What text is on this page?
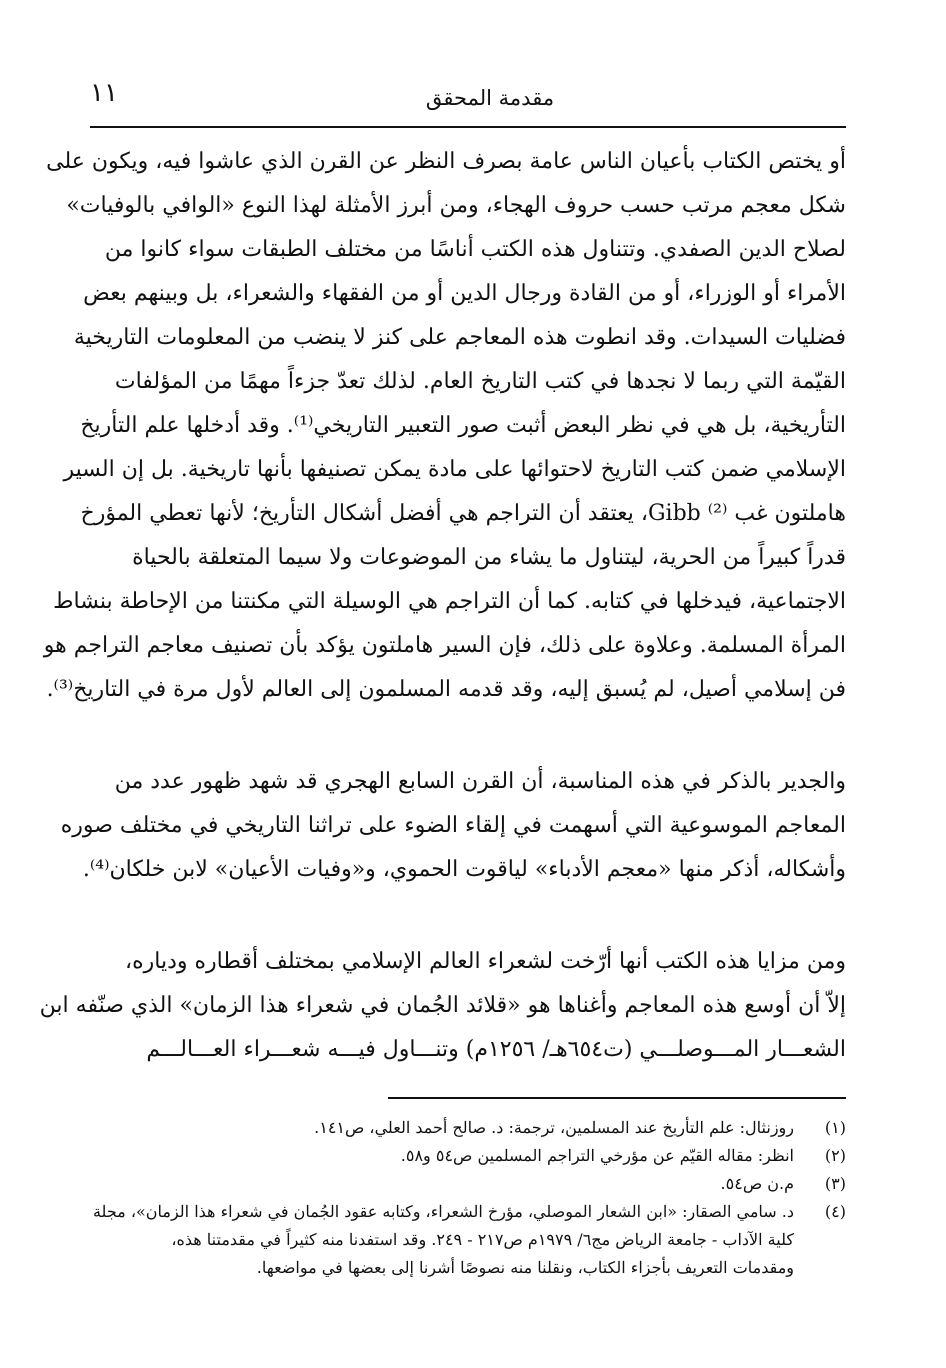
١١	مقدمة المحقق
أو يختص الكتاب بأعيان الناس عامة بصرف النظر عن القرن الذي عاشوا فيه، ويكون على
شكل معجم مرتب حسب حروف الهجاء، ومن أبرز الأمثلة لهذا النوع «الوافي بالوفيات»
لصلاح الدين الصفدي. وتتناول هذه الكتب أناسًا من مختلف الطبقات سواء كانوا من
الأمراء أو الوزراء، أو من القادة ورجال الدين أو من الفقهاء والشعراء، بل وبينهم بعض
فضليات السيدات. وقد انطوت هذه المعاجم على كنز لا ينضب من المعلومات التاريخية
القيّمة التي ربما لا نجدها في كتب التاريخ العام. لذلك تعدّ جزءاً مهمًا من المؤلفات
التأريخية، بل هي في نظر البعض أثبت صور التعبير التاريخي⁽¹⁾. وقد أدخلها علم التأريخ
الإسلامي ضمن كتب التاريخ لاحتوائها على مادة يمكن تصنيفها بأنها تاريخية. بل إن السير
هاملتون غب Gibb ⁽²⁾، يعتقد أن التراجم هي أفضل أشكال التأريخ؛ لأنها تعطي المؤرخ
قدراً كبيراً من الحرية، ليتناول ما يشاء من الموضوعات ولا سيما المتعلقة بالحياة
الاجتماعية، فيدخلها في كتابه. كما أن التراجم هي الوسيلة التي مكنتنا من الإحاطة بنشاط
المرأة المسلمة. وعلاوة على ذلك، فإن السير هاملتون يؤكد بأن تصنيف معاجم التراجم هو
فن إسلامي أصيل، لم يُسبق إليه، وقد قدمه المسلمون إلى العالم لأول مرة في التاريخ⁽³⁾.
والجدير بالذكر في هذه المناسبة، أن القرن السابع الهجري قد شهد ظهور عدد من
المعاجم الموسوعية التي أسهمت في إلقاء الضوء على تراثنا التاريخي في مختلف صوره
وأشكاله، أذكر منها «معجم الأدباء» لياقوت الحموي، و«وفيات الأعيان» لابن خلكان⁽⁴⁾.
ومن مزايا هذه الكتب أنها أرّخت لشعراء العالم الإسلامي بمختلف أقطاره ودياره،
إلاّ أن أوسع هذه المعاجم وأغناها هو «قلائد الجُمان في شعراء هذا الزمان» الذي صنّفه ابن
الشعـــار المـــوصلـــي (ت٦٥٤هـ/ ١٢٥٦م) وتنـــاول فيـــه شعـــراء العـــالـــم
(١)
روزنثال: علم التأريخ عند المسلمين، ترجمة: د. صالح أحمد العلي، ص١٤١.
(٢)
انظر: مقاله القيّم عن مؤرخي التراجم المسلمين ص٥٤ و٥٨.
(٣)
م.ن ص٥٤.
(٤)
د. سامي الصقار: «ابن الشعار الموصلي، مؤرخ الشعراء، وكتابه عقود الجُمان في شعراء هذا الزمان»، مجلة
كلية الآداب - جامعة الرياض مج٦/ ١٩٧٩م ص٢١٧ - ٢٤٩. وقد استفدنا منه كثيراً في مقدمتنا هذه،
ومقدمات التعريف بأجزاء الكتاب، ونقلنا منه نصوصًا أشرنا إلى بعضها في مواضعها.
